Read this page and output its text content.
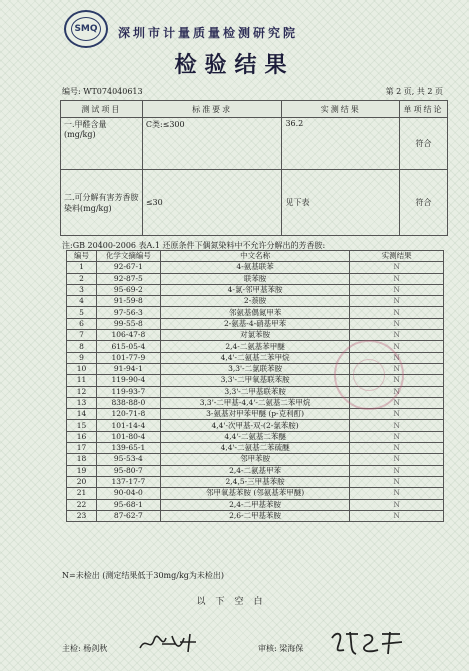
SMQ 深圳市计量质量检测研究院
检验结果
编号: WT074040613	第 2 页, 共 2 页
测试项目	标准要求	实测结果	单项结论
一.甲醛含量 (mg/kg)	C类:≤300	36.2	符合
二.可分解有害芳香胺染料(mg/kg)	≤30	见下表	符合
注:GB 20400-2006 表A.1 还原条件下偶氮染料中不允许分解出的芳香胺:
编号	化学文摘编号	中文名称	实测结果
1	92-67-1	4-氨基联苯	N
2	92-87-5	联苯胺	N
3	95-69-2	4-氯-邻甲基苯胺	N
4	91-59-8	2-萘胺	N
5	97-56-3	邻氨基偶氮甲苯	N
6	99-55-8	2-氨基-4-硝基甲苯	N
7	106-47-8	对氯苯胺	N
8	615-05-4	2,4-二氨基苯甲醚	N
9	101-77-9	4,4'-二氨基二苯甲烷	N
10	91-94-1	3,3'-二氯联苯胺	N
11	119-90-4	3,3'-二甲氧基联苯胺	N
12	119-93-7	3,3'-二甲基联苯胺	N
13	838-88-0	3,3'-二甲基-4,4'-二氨基二苯甲烷	N
14	120-71-8	3-氨基对甲苯甲醚 (p-克利酊)	N
15	101-14-4	4,4'-次甲基-双-(2-氯苯胺)	N
16	101-80-4	4,4'-二氨基二苯醚	N
17	139-65-1	4,4'-二氨基二苯硫醚	N
18	95-53-4	邻甲苯胺	N
19	95-80-7	2,4-二氨基甲苯	N
20	137-17-7	2,4,5-三甲基苯胺	N
21	90-04-0	邻甲氧基苯胺 (邻氨基苯甲醚)	N
22	95-68-1	2,4-二甲基苯胺	N
23	87-62-7	2,6-二甲基苯胺	N
N=未检出 (测定结果低于30mg/kg为未检出)
以下空白
主检: 杨剑秋	审核: 梁海保
